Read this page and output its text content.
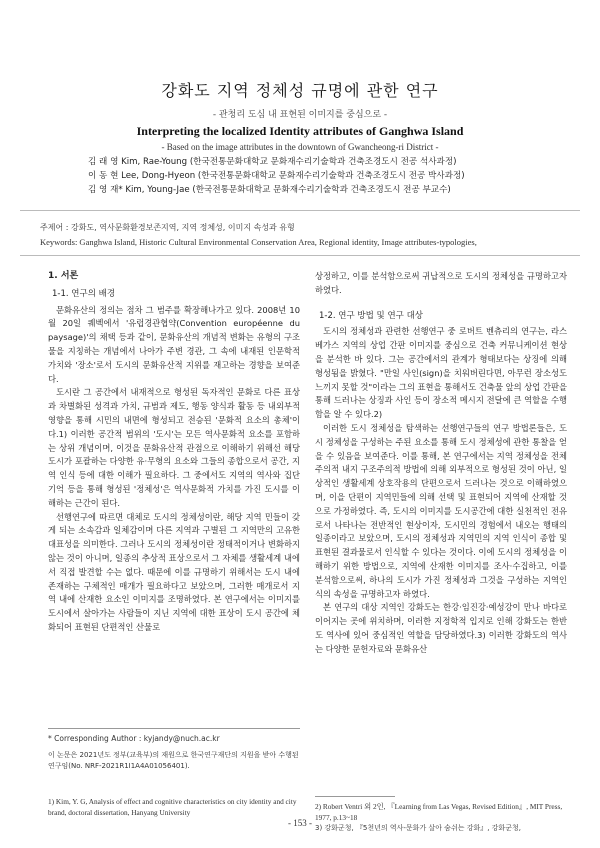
강화도 지역 정체성 규명에 관한 연구
- 관청리 도심 내 표현된 이미지를 중심으로 -
Interpreting the localized Identity attributes of Ganghwa Island
- Based on the image attributes in the downtown of Gwancheong-ri District -
김 래 영 Kim, Rae-Young (한국전통문화대학교 문화재수리기술학과 건축조경도시 전공 석사과정)
이 동 현 Lee, Dong-Hyeon (한국전통문화대학교 문화재수리기술학과 건축조경도시 전공 박사과정)
김 영 재* Kim, Young-Jae (한국전통문화대학교 문화재수리기술학과 건축조경도시 전공 부교수)
주제어 : 강화도, 역사문화환경보존지역, 지역 정체성, 이미지 속성과 유형
Keywords: Ganghwa Island, Historic Cultural Environmental Conservation Area, Regional identity, Image attributes-typologies,
1. 서론
1-1. 연구의 배경

문화유산의 정의는 점차 그 범주를 확장해나가고 있다. 2008년 10월 20일 퀘벡에서 '유럽경관협약(Convention européenne du paysage)'의 채택 등과 같이, 문화유산의 개념적 변화는 유형의 구조물을 지칭하는 개념에서 나아가 주변 경관, 그 속에 내재된 인문학적 가치와 '장소'로서 도시의 문화유산적 지위를 재고하는 경향을 보여준다.

도시란 그 공간에서 내재적으로 형성된 독자적인 문화로 다른 표상과 차별화된 성격과 가치, 규범과 제도, 행동 양식과 활동 등 내외부적 영향을 통해 시민의 내면에 형성되고 전승된 '문화적 요소의 총체'이다.1) 이러한 공간적 범위의 '도시'는 모든 역사문화적 요소를 포함하는 상위 개념이며, 이것을 문화유산적 관점으로 이해하기 위해선 해당 도시가 포괄하는 다양한 유·무형의 요소와 그들의 종합으로서 공간, 지역 인식 등에 대한 이해가 필요하다. 그 중에서도 지역의 역사와 집단기억 등을 통해 형성된 '정체성'은 역사문화적 가치를 가진 도시를 이해하는 근간이 된다.

선행연구에 따르면 대체로 도시의 정체성이란, 해당 지역 민들이 갖게 되는 소속감과 일체감이며 다른 지역과 구별된 그 지역만의 고유한 대표성을 의미한다. 그러나 도시의 정체성이란 정태적이거나 변화하지 않는 것이 아니며, 일종의 추상적 표상으로서 그 자체를 생활세계 내에서 직접 발견할 수는 없다. 때문에 이를 규명하기 위해서는 도시 내에 존재하는 구체적인 매개가 필요하다고 보았으며, 그러한 매개로서 지역 내에 산재한 요소인 이미지를 조명하였다. 본 연구에서는 이미지를 도시에서 살아가는 사람들이 지닌 지역에 대한 표상이 도시 공간에 체화되어 표현된 단편적인 산물로

상정하고, 이를 분석함으로써 귀납적으로 도시의 정체성을 규명하고자 하였다.

1-2. 연구 방법 및 연구 대상

도시의 정체성과 관련한 선행연구 중 로버트 벤츄리의 연구는, 라스베가스 지역의 상업 간판 이미지를 중심으로 건축 커뮤니케이션 현상을 분석한 바 있다. 그는 공간에서의 관계가 형태보다는 상징에 의해 형성됨을 밝혔다. "만일 사인(sign)을 치워버린다면, 아무런 장소성도 느끼지 못할 것"이라는 그의 표현을 통해서도 건축물 앞의 상업 간판을 통해 드러나는 상징과 사인 등이 장소적 메시지 전달에 큰 역할을 수행함을 알 수 있다.2)

이러한 도시 정체성을 탐색하는 선행연구들의 연구 방법론들은, 도시 정체성을 구성하는 주된 요소를 통해 도시 정체성에 관한 통찰을 얻을 수 있음을 보여준다. 이를 통해, 본 연구에서는 지역 정체성을 전체주의적 내지 구조주의적 방법에 의해 외부적으로 형성된 것이 아닌, 일상적인 생활세계 상호작용의 단편으로서 드러나는 것으로 이해하였으며, 이을 단편이 지역민들에 의해 선택 및 표현되어 지역에 산재할 것으로 가정하였다. 즉, 도시의 이미지를 도시공간에 대한 실천적인 전유로서 나타나는 전반적인 현상이자, 도시민의 경험에서 내오는 행태의 일종이라고 보았으며, 도시의 정체성과 지역민의 지역 인식이 종합 및 표현된 결과물로서 인식할 수 있다는 것이다. 이에 도시의 정체성을 이해하기 위한 방법으로, 지역에 산재한 이미지를 조사·수집하고, 이를 분석함으로써, 하나의 도시가 가진 정체성과 그것을 구성하는 지역인식의 속성을 규명하고자 하였다.

본 연구의 대상 지역인 강화도는 한강·임진강·예성강이 만나 바다로 이어지는 곳에 위치하며, 이러한 지정학적 입지로 인해 강화도는 한반도 역사에 있어 중심적인 역할을 담당하였다.3) 이러한 강화도의 역사는 다양한 문헌자료와 문화유산

* Corresponding Author : kyjandy@nuch.ac.kr
이 논문은 2021년도 정부(교육부)의 재원으로 한국연구재단의 지원을 받아 수행된 연구임(No. NRF-2021R1I1A4A01056401).
1) Kim, Y. G, Analysis of effect and cognitive characteristics on city identity and city brand, doctoral dissertation, Hanyang University
2) Robert Ventri 외 2인, 『Learning from Las Vegas, Revised Edition』, MIT Press, 1977, p.13~18
3) 강화군청, 『5천년의 역사-문화가 살아 숨쉬는 강화』, 강화군청,
- 153 -
